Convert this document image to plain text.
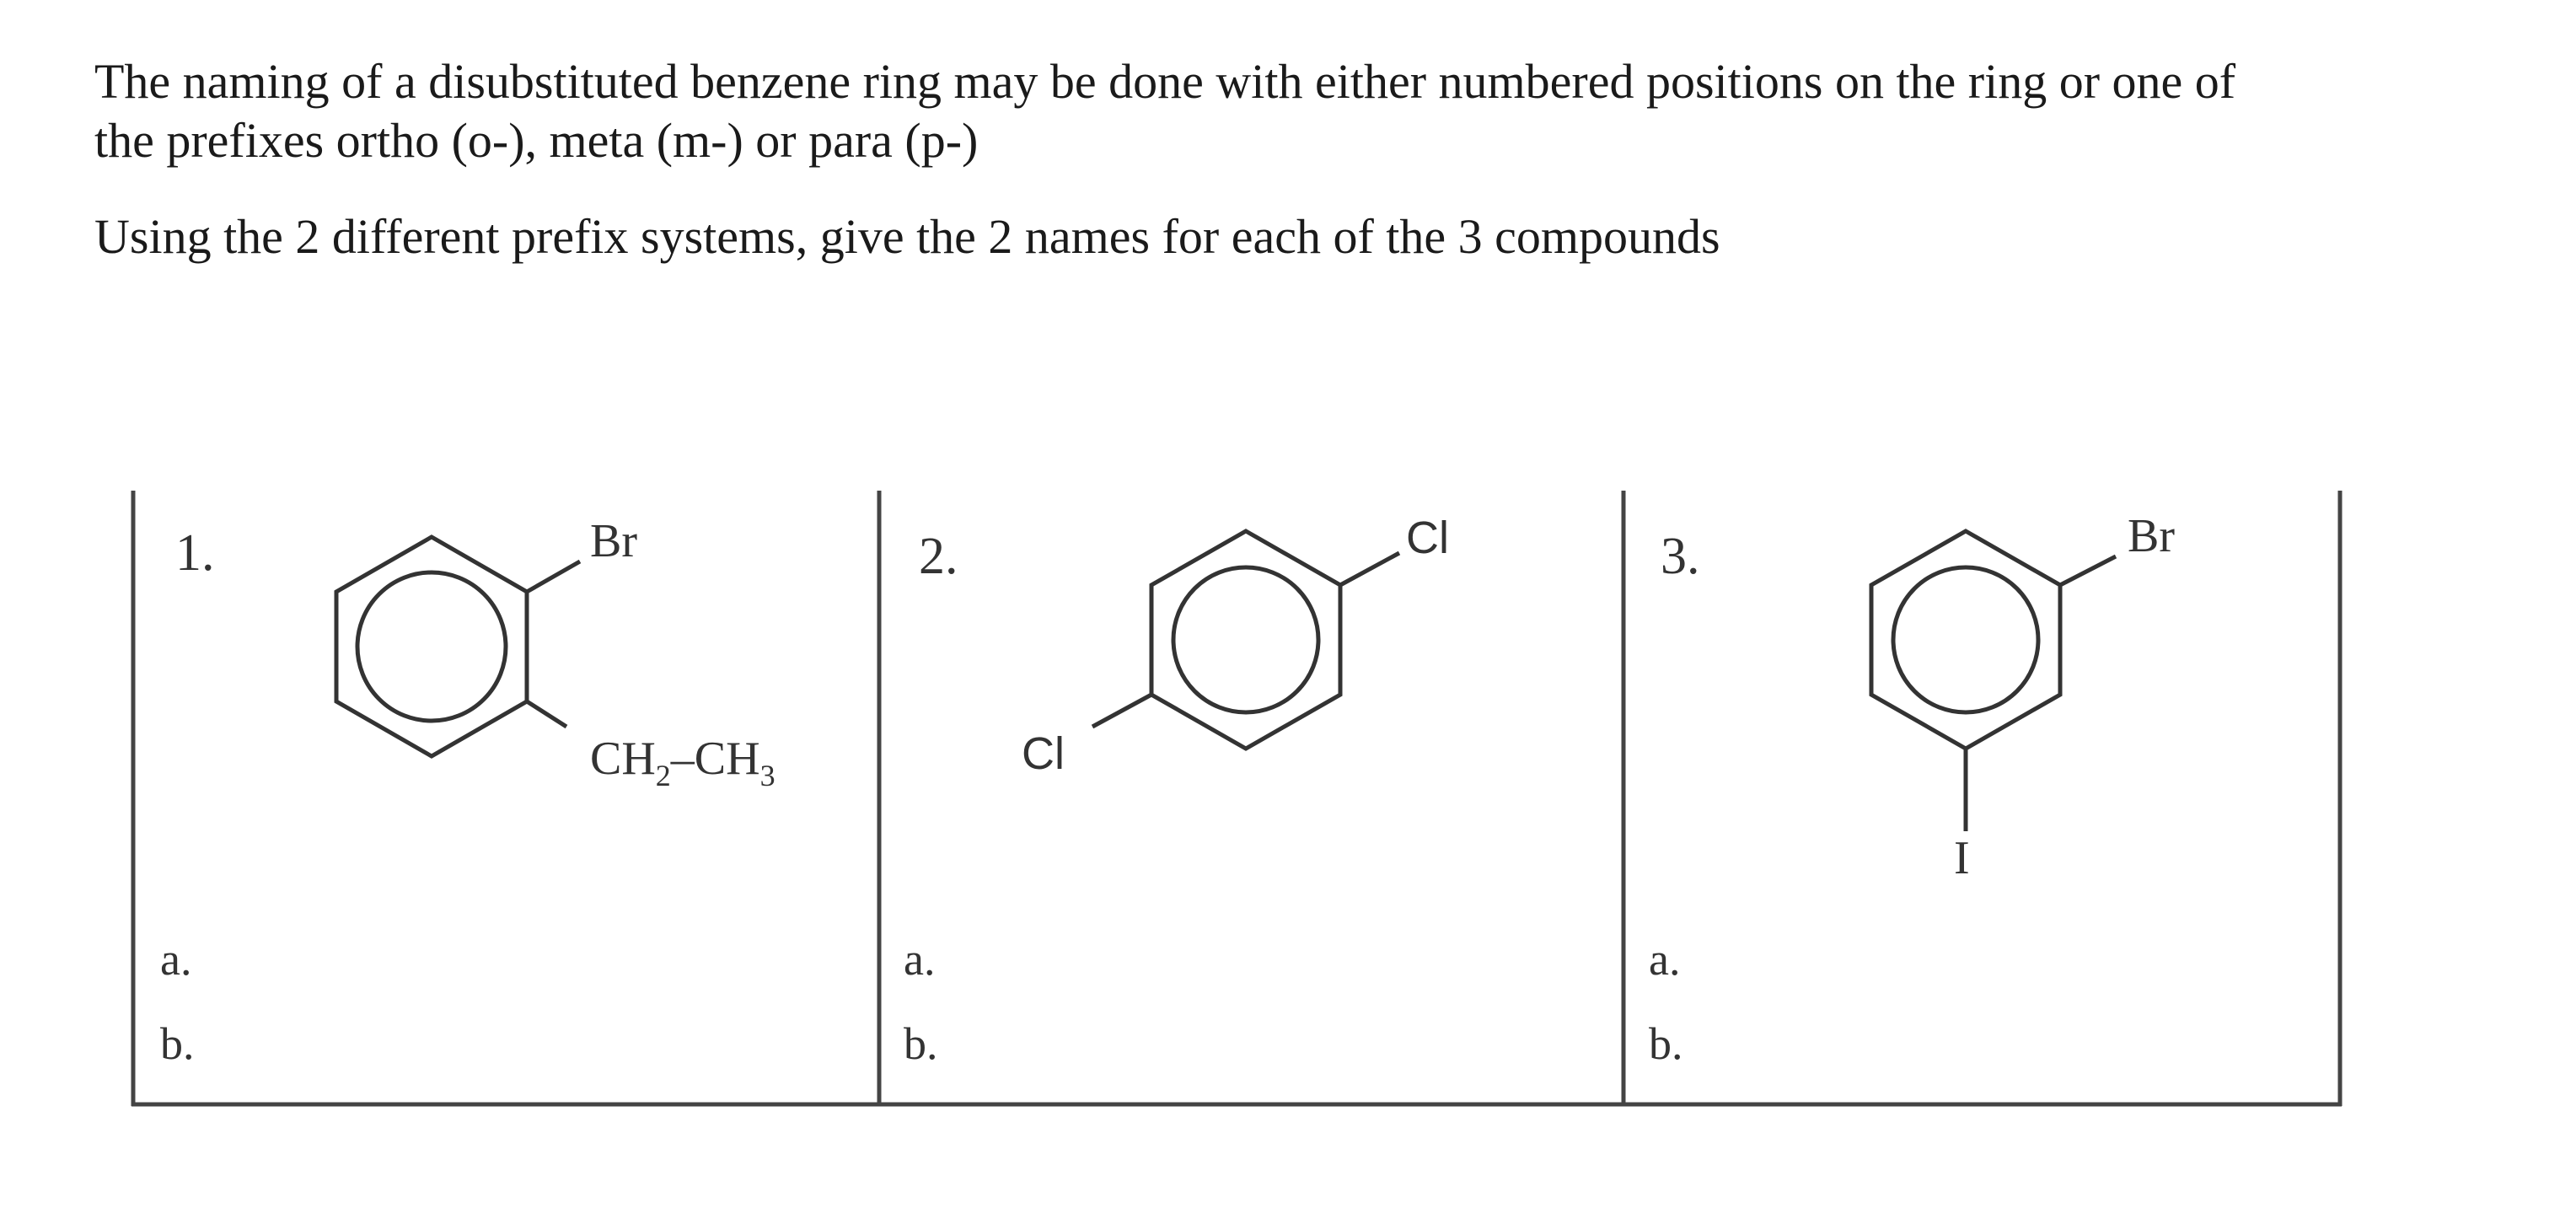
The naming of a disubstituted benzene ring may be done with either numbered positions on the ring or one of
the prefixes ortho (o-), meta (m-) or para (p-)

Using the 2 different prefix systems, give the 2 names for each of the 3 compounds

1.	Br
$CH_2-CH_3$
a.
b.
2.	Cl
Cl
a.
b.
3.	Br
I
a.
b.
